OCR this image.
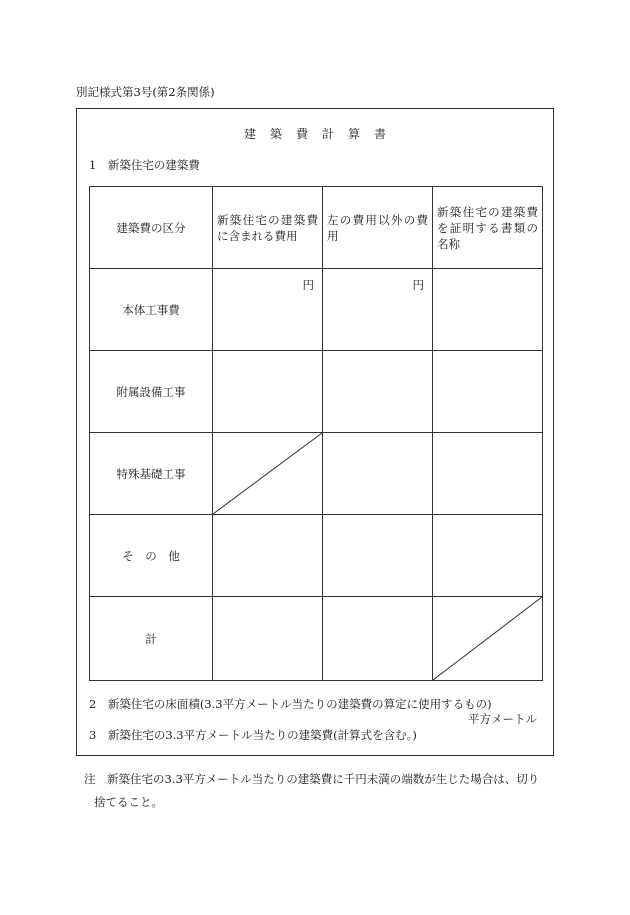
別記様式第3号(第2条関係)
建 築 費 計 算 書
1　新築住宅の建築費
建築費の区分	新築住宅の建築費に含まれる費用	左の費用以外の費用	新築住宅の建築費を証明する書類の名称

本体工事費	円	円	

附属設備工事			
特殊基礎工事	

そ　の　他			
計			
2　新築住宅の床面積(3.3平方メートル当たりの建築費の算定に使用するもの)
平方メートル
3　新築住宅の3.3平方メートル当たりの建築費(計算式を含む。)
注　新築住宅の3.3平方メートル当たりの建築費に千円未満の端数が生じた場合は、切り
捨てること。
